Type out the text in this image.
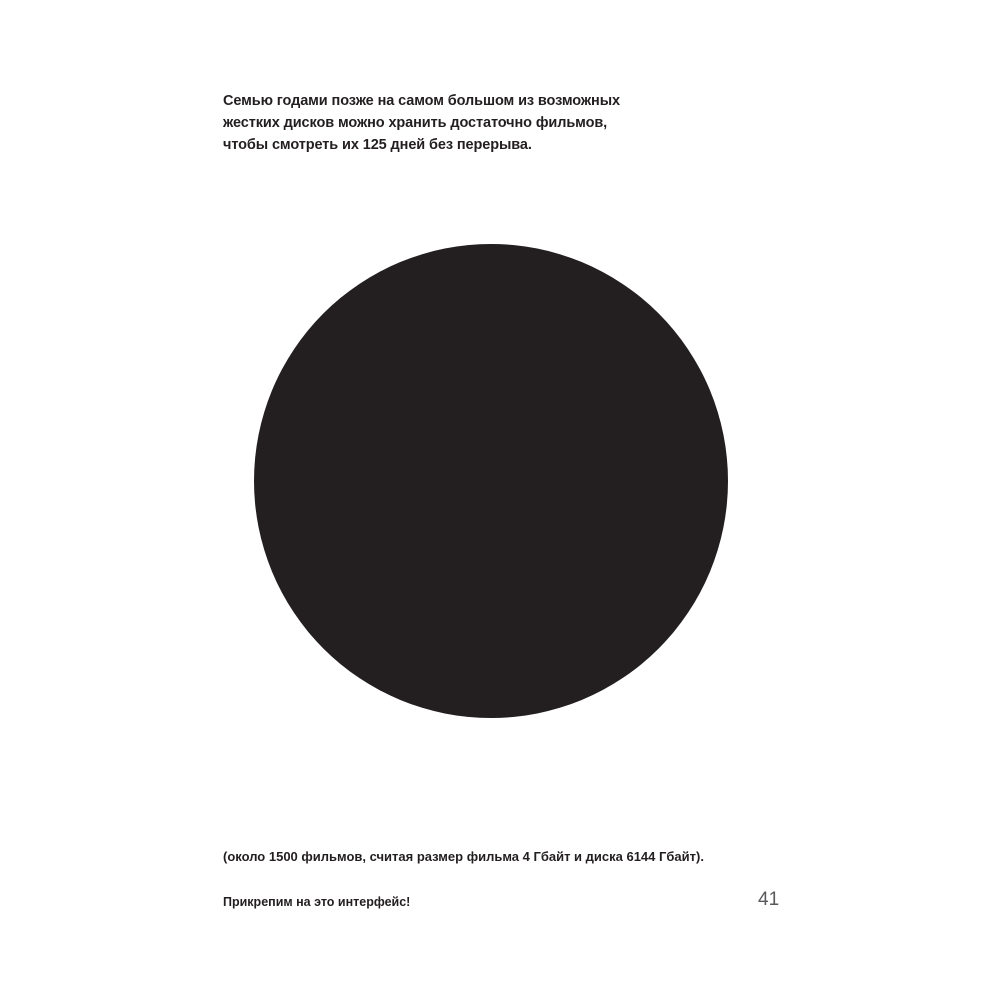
Семью годами позже на самом большом из возможных
жестких дисков можно хранить достаточно фильмов,
чтобы смотреть их 125 дней без перерыва.

(около 1500 фильмов, считая размер фильма 4 Гбайт и диска 6144 Гбайт).

Прикрепим на это интерфейс!	41
